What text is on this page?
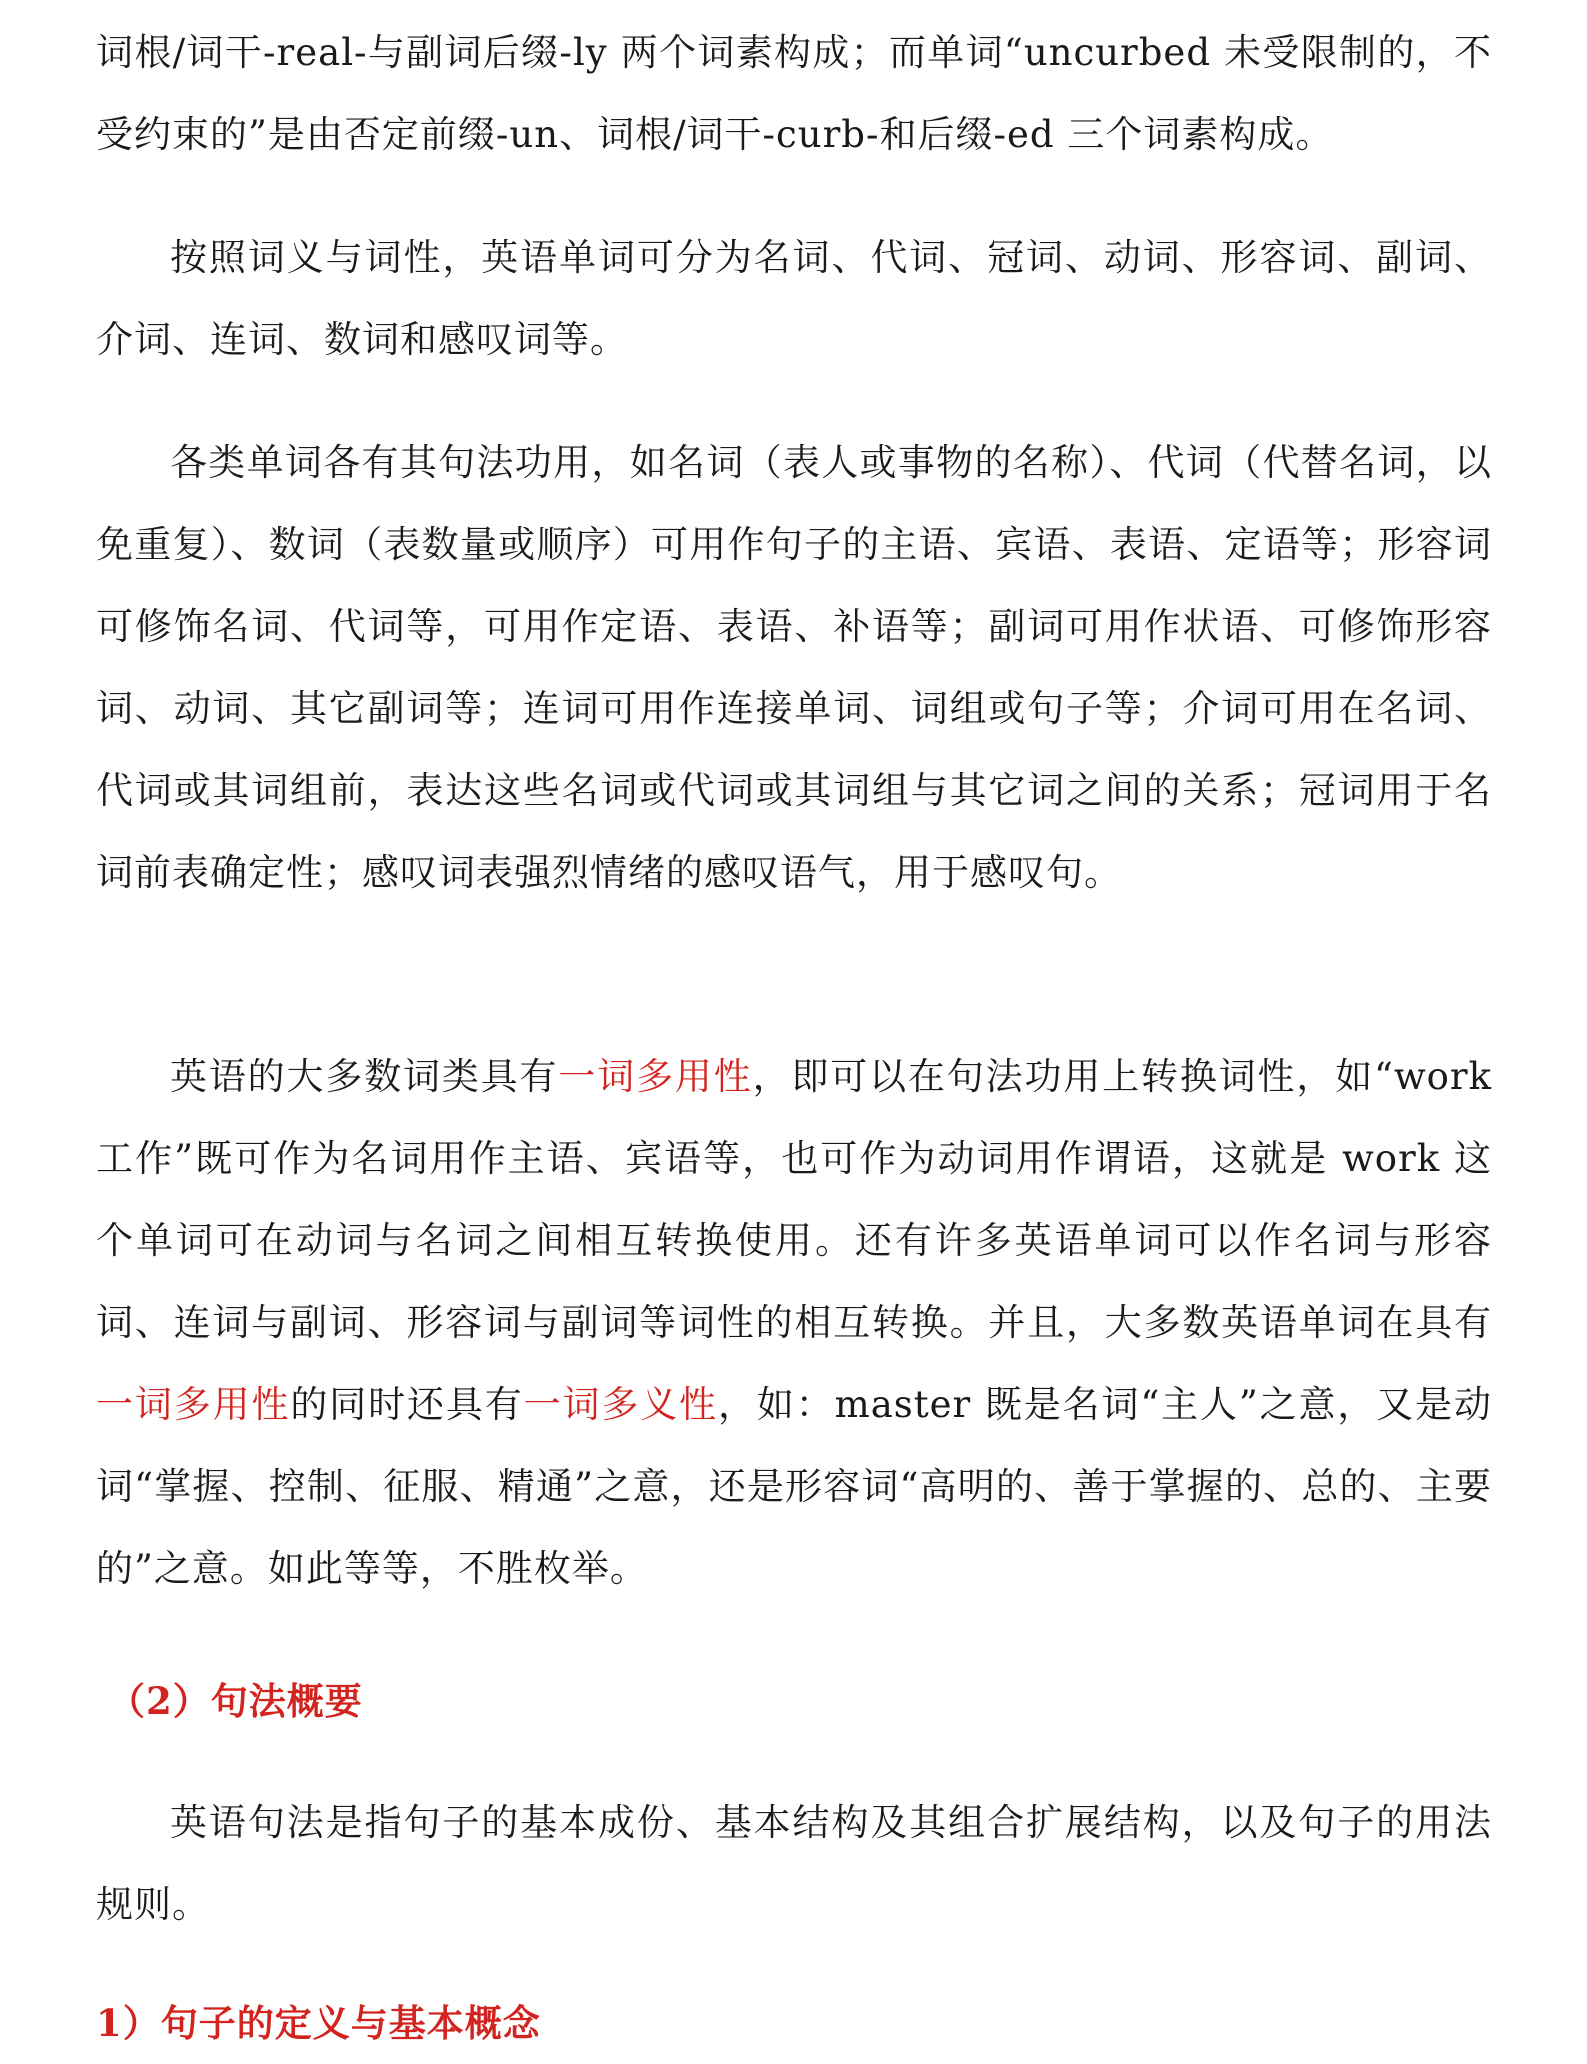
词根/词干-real-与副词后缀-ly 两个词素构成；而单词“uncurbed 未受限制的，不受约束的”是由否定前缀-un、词根/词干-curb-和后缀-ed 三个词素构成。

按照词义与词性，英语单词可分为名词、代词、冠词、动词、形容词、副词、介词、连词、数词和感叹词等。

各类单词各有其句法功用，如名词（表人或事物的名称）、代词（代替名词，以免重复）、数词（表数量或顺序）可用作句子的主语、宾语、表语、定语等；形容词可修饰名词、代词等，可用作定语、表语、补语等；副词可用作状语、可修饰形容词、动词、其它副词等；连词可用作连接单词、词组或句子等；介词可用在名词、代词或其词组前，表达这些名词或代词或其词组与其它词之间的关系；冠词用于名词前表确定性；感叹词表强烈情绪的感叹语气，用于感叹句。

英语的大多数词类具有一词多用性，即可以在句法功用上转换词性，如“work 工作”既可作为名词用作主语、宾语等，也可作为动词用作谓语，这就是 work 这个单词可在动词与名词之间相互转换使用。还有许多英语单词可以作名词与形容词、连词与副词、形容词与副词等词性的相互转换。并且，大多数英语单词在具有一词多用性的同时还具有一词多义性，如：master 既是名词“主人”之意，又是动词“掌握、控制、征服、精通”之意，还是形容词“高明的、善于掌握的、总的、主要的”之意。如此等等，不胜枚举。

（2）句法概要

英语句法是指句子的基本成份、基本结构及其组合扩展结构，以及句子的用法规则。

1）句子的定义与基本概念
